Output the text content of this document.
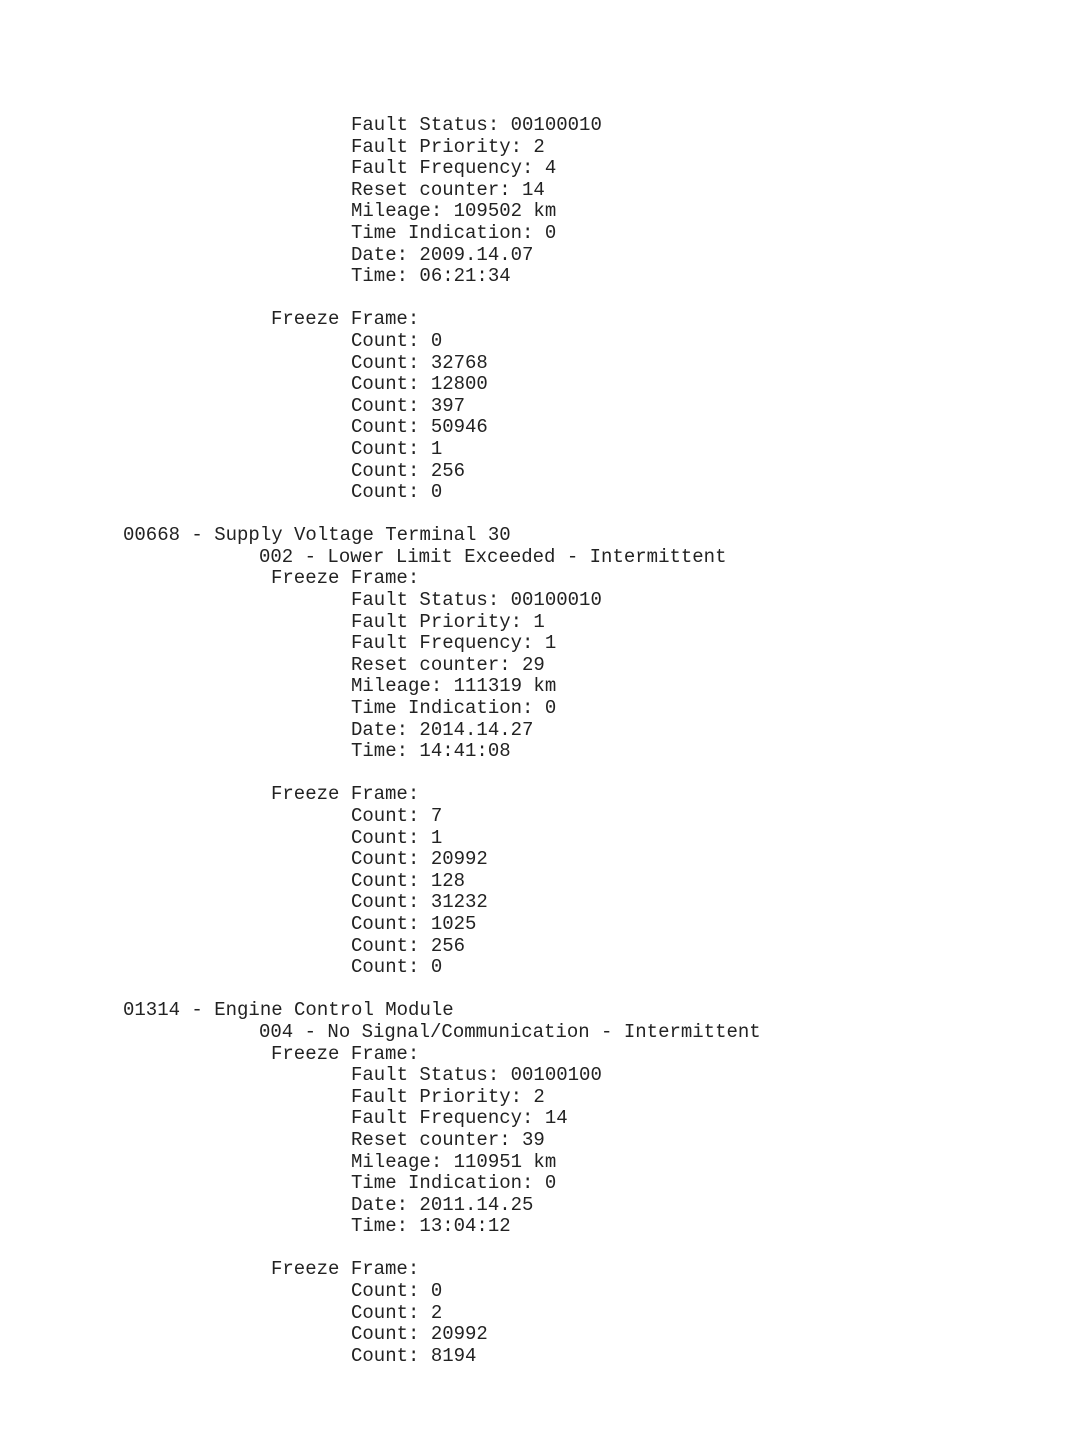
Fault Status: 00100010
Fault Priority: 2
Fault Frequency: 4
Reset counter: 14
Mileage: 109502 km
Time Indication: 0
Date: 2009.14.07
Time: 06:21:34
Freeze Frame:
Count: 0
Count: 32768
Count: 12800
Count: 397
Count: 50946
Count: 1
Count: 256
Count: 0
00668 - Supply Voltage Terminal 30
002 - Lower Limit Exceeded - Intermittent
Freeze Frame:
Fault Status: 00100010
Fault Priority: 1
Fault Frequency: 1
Reset counter: 29
Mileage: 111319 km
Time Indication: 0
Date: 2014.14.27
Time: 14:41:08
Freeze Frame:
Count: 7
Count: 1
Count: 20992
Count: 128
Count: 31232
Count: 1025
Count: 256
Count: 0
01314 - Engine Control Module
004 - No Signal/Communication - Intermittent
Freeze Frame:
Fault Status: 00100100
Fault Priority: 2
Fault Frequency: 14
Reset counter: 39
Mileage: 110951 km
Time Indication: 0
Date: 2011.14.25
Time: 13:04:12
Freeze Frame:
Count: 0
Count: 2
Count: 20992
Count: 8194
